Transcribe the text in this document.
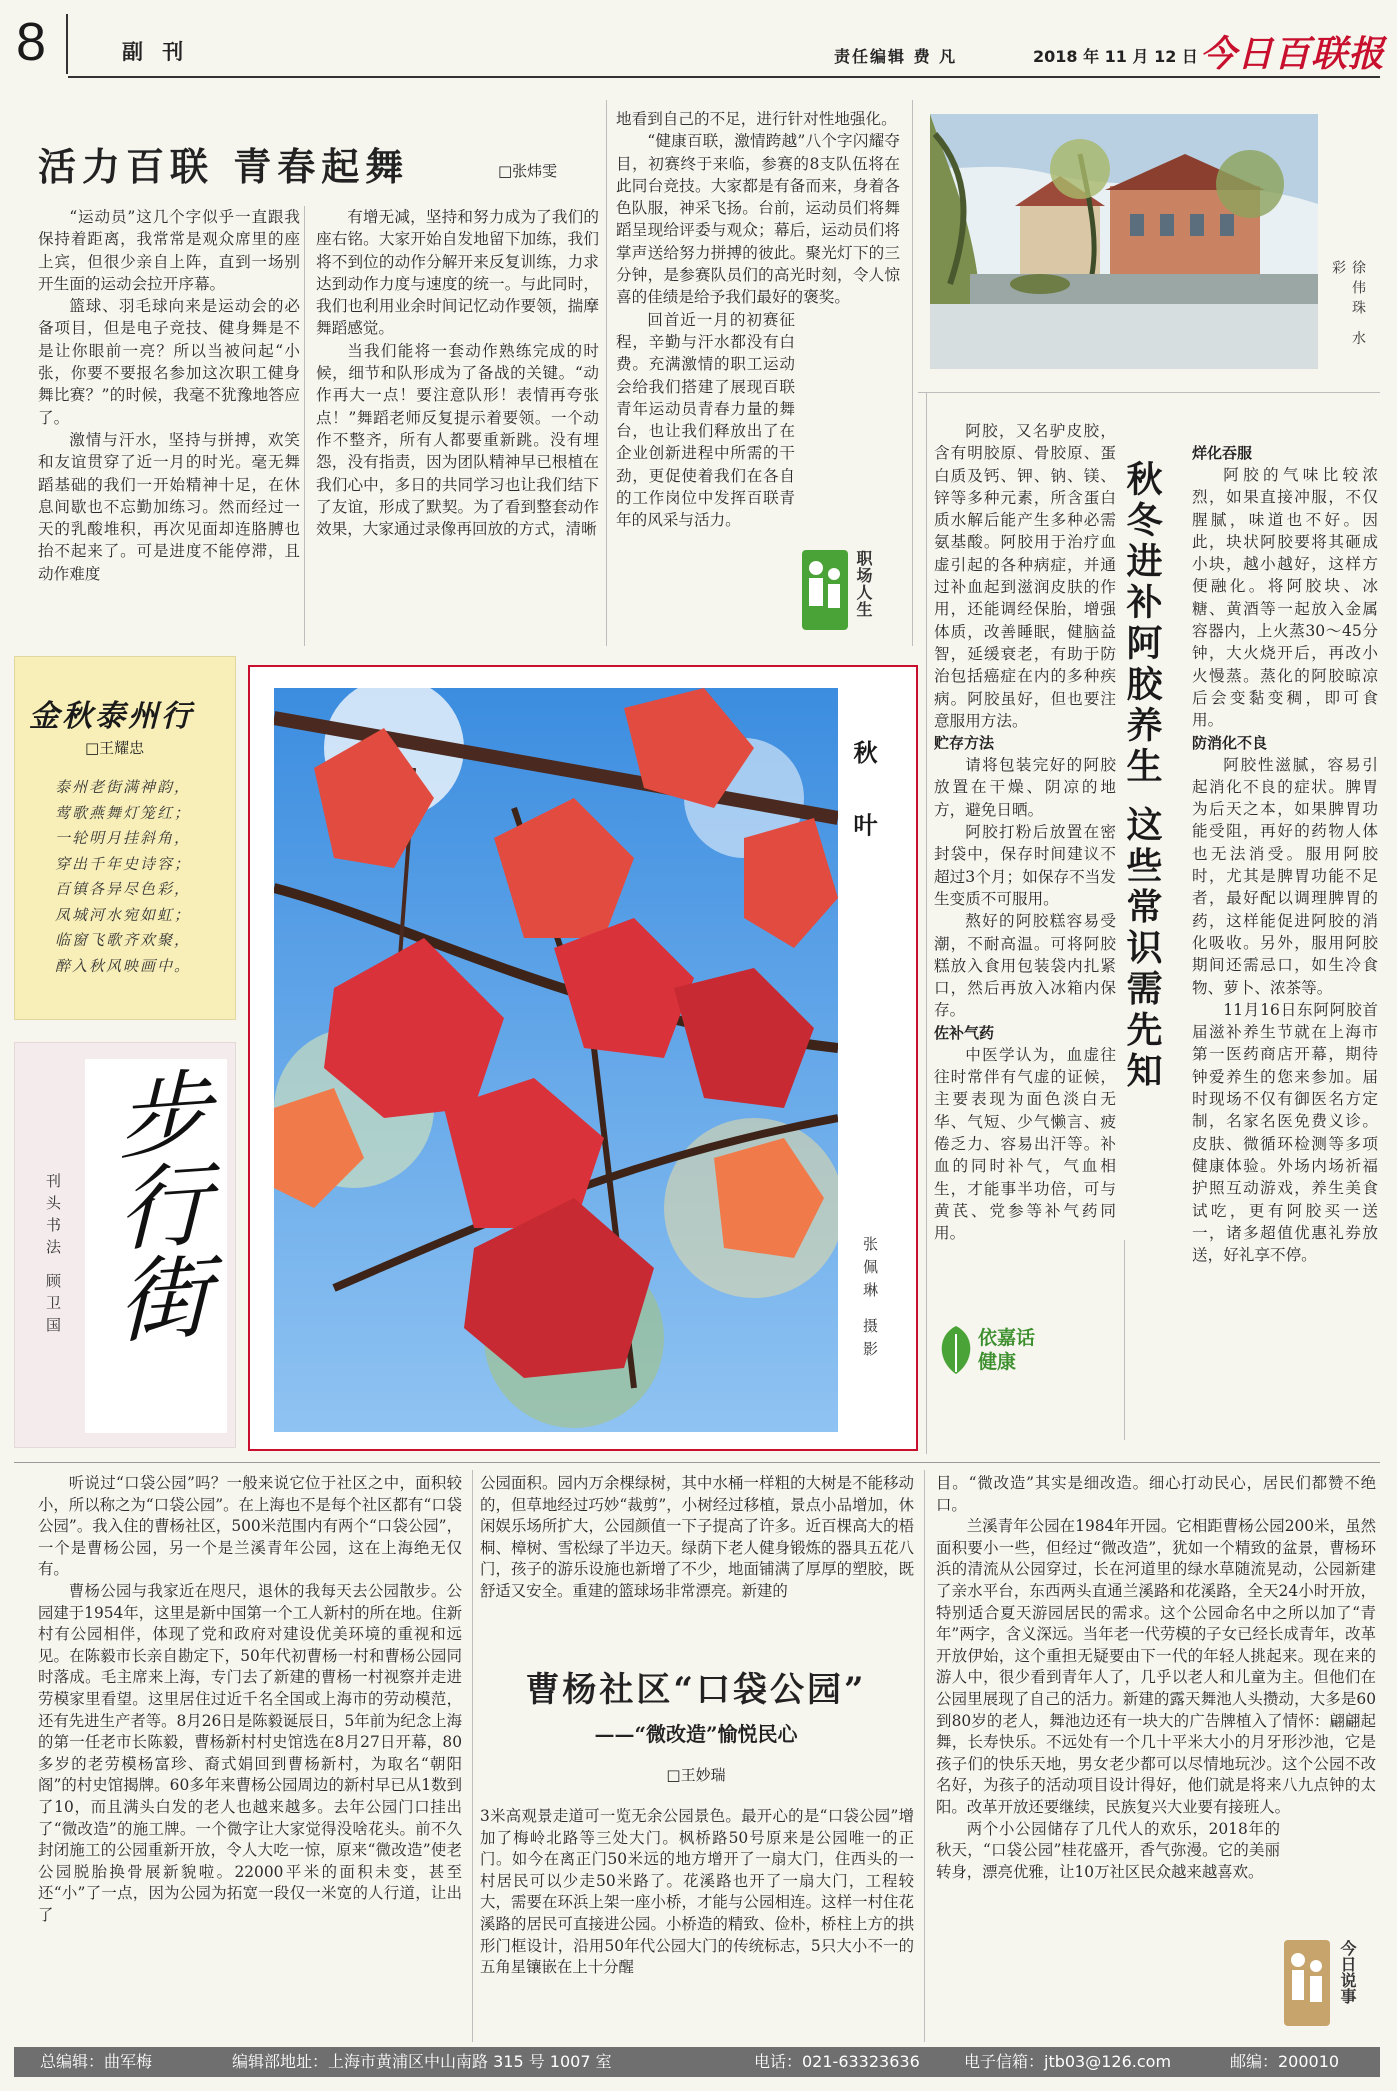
8	副 刊	责任编辑 费 凡	2018 年 11 月 12 日 今日百联报
活力百联 青春起舞	□张炜雯

“运动员”这几个字似乎一直跟我保持着距离，我常常是观众席里的座上宾，但很少亲自上阵，直到一场别开生面的运动会拉开序幕。

篮球、羽毛球向来是运动会的必备项目，但是电子竞技、健身舞是不是让你眼前一亮？所以当被问起“小张，你要不要报名参加这次职工健身舞比赛？”的时候，我毫不犹豫地答应了。

激情与汗水，坚持与拼搏，欢笑和友谊贯穿了近一月的时光。毫无舞蹈基础的我们一开始精神十足，在休息间歇也不忘勤加练习。然而经过一天的乳酸堆积，再次见面却连胳膊也抬不起来了。可是进度不能停滞，且动作难度

有增无减，坚持和努力成为了我们的座右铭。大家开始自发地留下加练，我们将不到位的动作分解开来反复训练，力求达到动作力度与速度的统一。与此同时，我们也利用业余时间记忆动作要领，揣摩舞蹈感觉。

当我们能将一套动作熟练完成的时候，细节和队形成为了备战的关键。“动作再大一点！要注意队形！表情再夸张点！”舞蹈老师反复提示着要领。一个动作不整齐，所有人都要重新跳。没有埋怨，没有指责，因为团队精神早已根植在我们心中，多日的共同学习也让我们结下了友谊，形成了默契。为了看到整套动作效果，大家通过录像再回放的方式，清晰

地看到自己的不足，进行针对性地强化。

“健康百联，激情跨越”八个字闪耀夺目，初赛终于来临，参赛的8支队伍将在此同台竞技。大家都是有备而来，身着各色队服，神采飞扬。台前，运动员们将舞蹈呈现给评委与观众；幕后，运动员们将掌声送给努力拼搏的彼此。聚光灯下的三分钟，是参赛队员们的高光时刻，令人惊喜的佳绩是给予我们最好的褒奖。

回首近一月的初赛征程，辛勤与汗水都没有白费。充满激情的职工运动会给我们搭建了展现百联青年运动员青春力量的舞台，也让我们释放出了在企业创新进程中所需的干劲，更促使着我们在各自的工作岗位中发挥百联青年的风采与活力。

职场人生
徐伟珠 水彩
秋冬进补阿胶养生 这些常识需先知

阿胶，又名驴皮胶，含有明胶原、骨胶原、蛋白质及钙、钾、钠、镁、锌等多种元素，所含蛋白质水解后能产生多种必需氨基酸。阿胶用于治疗血虚引起的各种病症，并通过补血起到滋润皮肤的作用，还能调经保胎，增强体质，改善睡眠，健脑益智，延缓衰老，有助于防治包括癌症在内的多种疾病。阿胶虽好，但也要注意服用方法。

贮存方法

请将包装完好的阿胶放置在干燥、阴凉的地方，避免日晒。

阿胶打粉后放置在密封袋中，保存时间建议不超过3个月；如保存不当发生变质不可服用。

熬好的阿胶糕容易受潮，不耐高温。可将阿胶糕放入食用包装袋内扎紧口，然后再放入冰箱内保存。

佐补气药

中医学认为，血虚往往时常伴有气虚的证候，主要表现为面色淡白无华、气短、少气懒言、疲倦乏力、容易出汗等。补血的同时补气，气血相生，才能事半功倍，可与黄芪、党参等补气药同用。

烊化吞服

阿胶的气味比较浓烈，如果直接冲服，不仅腥腻，味道也不好。因此，块状阿胶要将其砸成小块，越小越好，这样方便融化。将阿胶块、冰糖、黄酒等一起放入金属容器内，上火蒸30～45分钟，大火烧开后，再改小火慢蒸。蒸化的阿胶晾凉后会变黏变稠，即可食用。

防消化不良

阿胶性滋腻，容易引起消化不良的症状。脾胃为后天之本，如果脾胃功能受阻，再好的药物人体也无法消受。服用阿胶时，尤其是脾胃功能不足者，最好配以调理脾胃的药，这样能促进阿胶的消化吸收。另外，服用阿胶期间还需忌口，如生冷食物、萝卜、浓茶等。

11月16日东阿阿胶首届滋补养生节就在上海市第一医药商店开幕，期待钟爱养生的您来参加。届时现场不仅有御医名方定制，名家名医免费义诊。皮肤、微循环检测等多项健康体验。外场内场祈福护照互动游戏，养生美食试吃，更有阿胶买一送一，诸多超值优惠礼券放送，好礼享不停。

依嘉话健康
金秋泰州行
□王耀忠
泰州老街满神韵，
莺歌燕舞灯笼红；
一轮明月挂斜角，
穿出千年史诗容；
百镇各异尽色彩，
凤城河水宛如虹；
临窗飞歌齐欢聚，
醉入秋风映画中。
步行街
刊头书法 顾卫国
秋 叶
张佩琳 摄影

听说过“口袋公园”吗？一般来说它位于社区之中，面积较小，所以称之为“口袋公园”。在上海也不是每个社区都有“口袋公园”。我入住的曹杨社区，500米范围内有两个“口袋公园”，一个是曹杨公园，另一个是兰溪青年公园，这在上海绝无仅有。

曹杨公园与我家近在咫尺，退休的我每天去公园散步。公园建于1954年，这里是新中国第一个工人新村的所在地。住新村有公园相伴，体现了党和政府对建设优美环境的重视和远见。在陈毅市长亲自勘定下，50年代初曹杨一村和曹杨公园同时落成。毛主席来上海，专门去了新建的曹杨一村视察并走进劳模家里看望。这里居住过近千名全国或上海市的劳动模范，还有先进生产者等。8月26日是陈毅诞辰日，5年前为纪念上海的第一任老市长陈毅，曹杨新村村史馆选在8月27日开幕，80多岁的老劳模杨富珍、裔式娟回到曹杨新村，为取名“朝阳阁”的村史馆揭牌。60多年来曹杨公园周边的新村早已从1数到了10，而且满头白发的老人也越来越多。去年公园门口挂出了“微改造”的施工牌。一个微字让大家觉得没啥花头。前不久封闭施工的公园重新开放，令人大吃一惊，原来“微改造”使老公园脱胎换骨展新貌啦。22000平米的面积未变，甚至还“小”了一点，因为公园为拓宽一段仅一米宽的人行道，让出了

公园面积。园内万余棵绿树，其中水桶一样粗的大树是不能移动的，但草地经过巧妙“裁剪”，小树经过移植，景点小品增加，休闲娱乐场所扩大，公园颜值一下子提高了许多。近百棵高大的梧桐、樟树、雪松绿了半边天。绿荫下老人健身锻炼的器具五花八门，孩子的游乐设施也新增了不少，地面铺满了厚厚的塑胶，既舒适又安全。重建的篮球场非常漂亮。新建的

曹杨社区“口袋公园”
——“微改造”愉悦民心
□王妙瑞

3米高观景走道可一览无余公园景色。最开心的是“口袋公园”增加了梅岭北路等三处大门。枫桥路50号原来是公园唯一的正门。如今在离正门50米远的地方增开了一扇大门，住西头的一村居民可以少走50米路了。花溪路也开了一扇大门，工程较大，需要在环浜上架一座小桥，才能与公园相连。这样一村住花溪路的居民可直接进公园。小桥造的精致、俭朴，桥柱上方的拱形门框设计，沿用50年代公园大门的传统标志，5只大小不一的五角星镶嵌在上十分醒

目。“微改造”其实是细改造。细心打动民心，居民们都赞不绝口。

兰溪青年公园在1984年开园。它相距曹杨公园200米，虽然面积要小一些，但经过“微改造”，犹如一个精致的盆景，曹杨环浜的清流从公园穿过，长在河道里的绿水草随流晃动，公园新建了亲水平台，东西两头直通兰溪路和花溪路，全天24小时开放，特别适合夏天游园居民的需求。这个公园命名中之所以加了“青年”两字，含义深远。当年老一代劳模的子女已经长成青年，改革开放伊始，这个重担无疑要由下一代的年轻人挑起来。现在来的游人中，很少看到青年人了，几乎以老人和儿童为主。但他们在公园里展现了自己的活力。新建的露天舞池人头攒动，大多是60到80岁的老人，舞池边还有一块大的广告牌植入了情怀：翩翩起舞，长寿快乐。不远处有一个几十平米大小的月牙形沙池，它是孩子们的快乐天地，男女老少都可以尽情地玩沙。这个公园不改名好，为孩子的活动项目设计得好，他们就是将来八九点钟的太阳。改革开放还要继续，民族复兴大业要有接班人。

两个小公园储存了几代人的欢乐，2018年的秋天，“口袋公园”桂花盛开，香气弥漫。它的美丽转身，漂亮优雅，让10万社区民众越来越喜欢。

今日说事
总编辑：曲军梅	编辑部地址：上海市黄浦区中山南路 315 号 1007 室	电话：021-63323636	电子信箱：jtb03@126.com	邮编：200010
